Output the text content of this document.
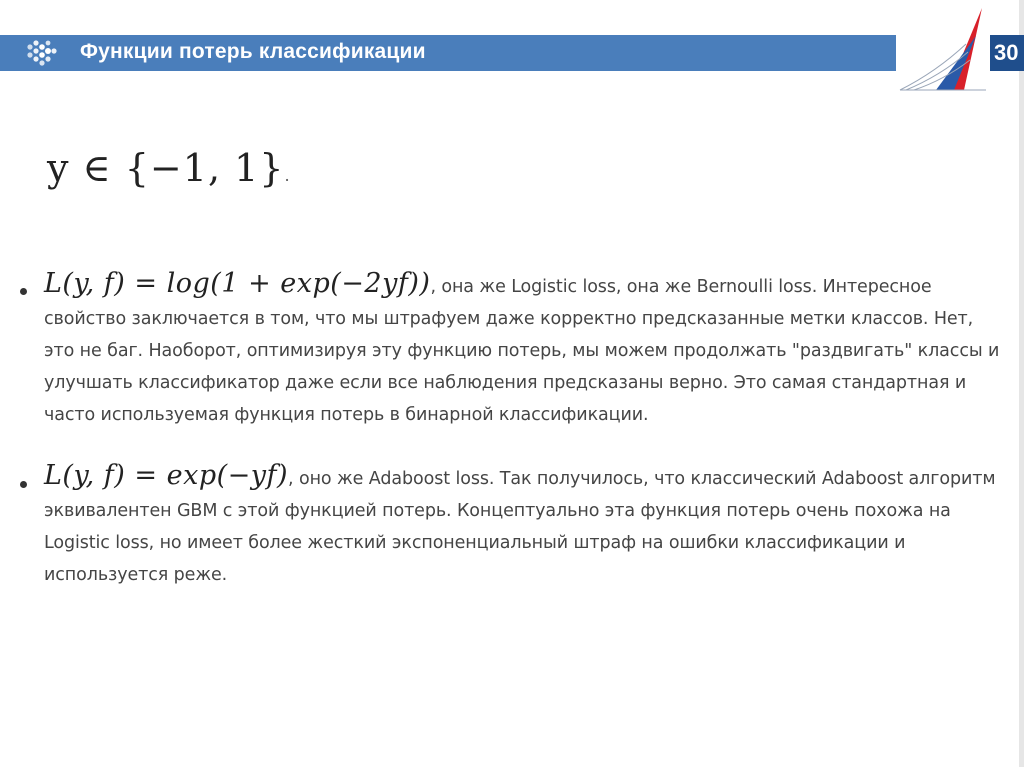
Функции потерь классификации	30
y ∈ {−1, 1}.
L(y, f) = log(1 + exp(−2yf)), она же Logistic loss, она же Bernoulli loss. Интересное свойство заключается в том, что мы штрафуем даже корректно предсказанные метки классов. Нет, это не баг. Наоборот, оптимизируя эту функцию потерь, мы можем продолжать "раздвигать" классы и улучшать классификатор даже если все наблюдения предсказаны верно. Это самая стандартная и часто используемая функция потерь в бинарной классификации.
L(y, f) = exp(−yf), оно же Adaboost loss. Так получилось, что классический Adaboost алгоритм эквивалентен GBM с этой функцией потерь. Концептуально эта функция потерь очень похожа на Logistic loss, но имеет более жесткий экспоненциальный штраф на ошибки классификации и используется реже.
